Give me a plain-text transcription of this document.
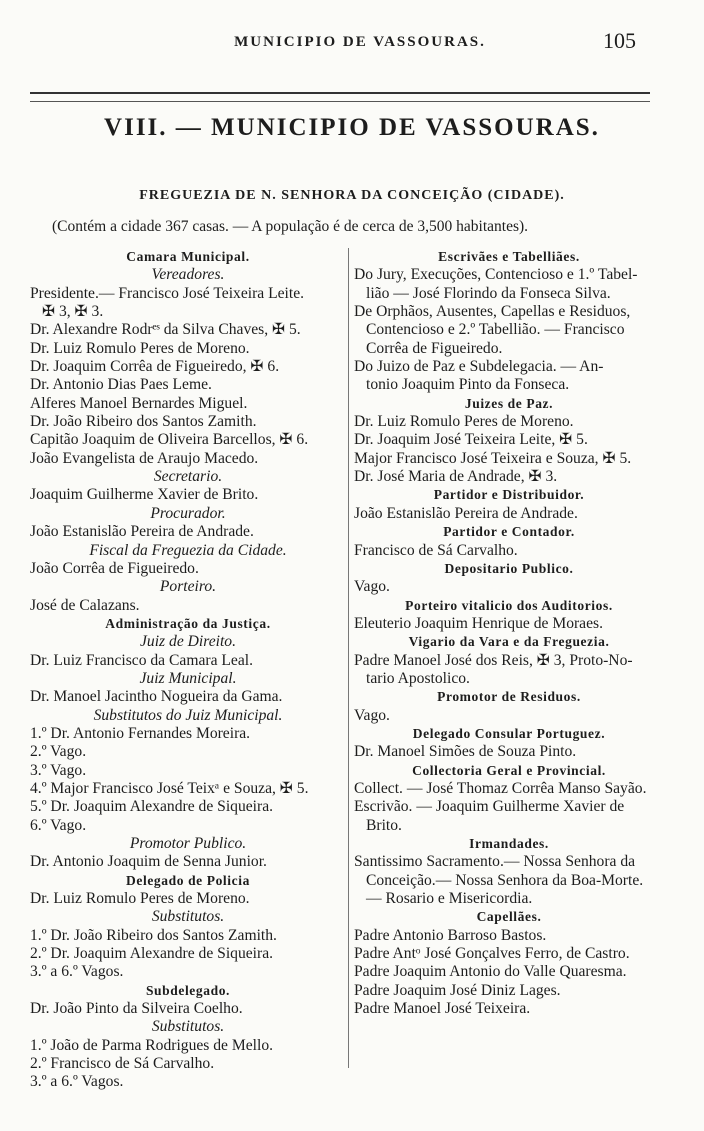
MUNICIPIO DE VASSOURAS.	105
VIII. — MUNICIPIO DE VASSOURAS.
FREGUEZIA DE N. SENHORA DA CONCEIÇÃO (CIDADE).
(Contém a cidade 367 casas. — A população é de cerca de 3,500 habitantes).
Camara Municipal.
Vereadores.
Presidente.— Francisco José Teixeira Leite.
✠ 3, ✠ 3.
Dr. Alexandre Rodrᵉˢ da Silva Chaves, ✠ 5.
Dr. Luiz Romulo Peres de Moreno.
Dr. Joaquim Corrêa de Figueiredo, ✠ 6.
Dr. Antonio Dias Paes Leme.
Alferes Manoel Bernardes Miguel.
Dr. João Ribeiro dos Santos Zamith.
Capitão Joaquim de Oliveira Barcellos, ✠ 6.
João Evangelista de Araujo Macedo.
Secretario.
Joaquim Guilherme Xavier de Brito.
Procurador.
João Estanislão Pereira de Andrade.
Fiscal da Freguezia da Cidade.
João Corrêa de Figueiredo.
Porteiro.
José de Calazans.
Administração da Justiça.
Juiz de Direito.
Dr. Luiz Francisco da Camara Leal.
Juiz Municipal.
Dr. Manoel Jacintho Nogueira da Gama.
Substitutos do Juiz Municipal.
1.º Dr. Antonio Fernandes Moreira.
2.º Vago.
3.º Vago.
4.º Major Francisco José Teixᵃ e Souza, ✠ 5.
5.º Dr. Joaquim Alexandre de Siqueira.
6.º Vago.
Promotor Publico.
Dr. Antonio Joaquim de Senna Junior.
Delegado de Policia
Dr. Luiz Romulo Peres de Moreno.
Substitutos.
1.º Dr. João Ribeiro dos Santos Zamith.
2.º Dr. Joaquim Alexandre de Siqueira.
3.º a 6.º Vagos.
Subdelegado.
Dr. João Pinto da Silveira Coelho.
Substitutos.
1.º João de Parma Rodrigues de Mello.
2.º Francisco de Sá Carvalho.
3.º a 6.º Vagos.
Escrivães e Tabelliães.
Do Jury, Execuções, Contencioso e 1.º Tabel-
lião — José Florindo da Fonseca Silva.
De Orphãos, Ausentes, Capellas e Residuos,
Contencioso e 2.º Tabellião. — Francisco
Corrêa de Figueiredo.
Do Juizo de Paz e Subdelegacia. — An-
tonio Joaquim Pinto da Fonseca.
Juizes de Paz.
Dr. Luiz Romulo Peres de Moreno.
Dr. Joaquim José Teixeira Leite, ✠ 5.
Major Francisco José Teixeira e Souza, ✠ 5.
Dr. José Maria de Andrade, ✠ 3.
Partidor e Distribuidor.
João Estanislão Pereira de Andrade.
Partidor e Contador.
Francisco de Sá Carvalho.
Depositario Publico.
Vago.
Porteiro vitalicio dos Auditorios.
Eleuterio Joaquim Henrique de Moraes.
Vigario da Vara e da Freguezia.
Padre Manoel José dos Reis, ✠ 3, Proto-No-
tario Apostolico.
Promotor de Residuos.
Vago.
Delegado Consular Portuguez.
Dr. Manoel Simões de Souza Pinto.
Collectoria Geral e Provincial.
Collect. — José Thomaz Corrêa Manso Sayão.
Escrivão. — Joaquim Guilherme Xavier de
Brito.
Irmandades.
Santissimo Sacramento.— Nossa Senhora da
Conceição.— Nossa Senhora da Boa-Morte.
— Rosario e Misericordia.
Capellães.
Padre Antonio Barroso Bastos.
Padre Antᵒ José Gonçalves Ferro, de Castro.
Padre Joaquim Antonio do Valle Quaresma.
Padre Joaquim José Diniz Lages.
Padre Manoel José Teixeira.
